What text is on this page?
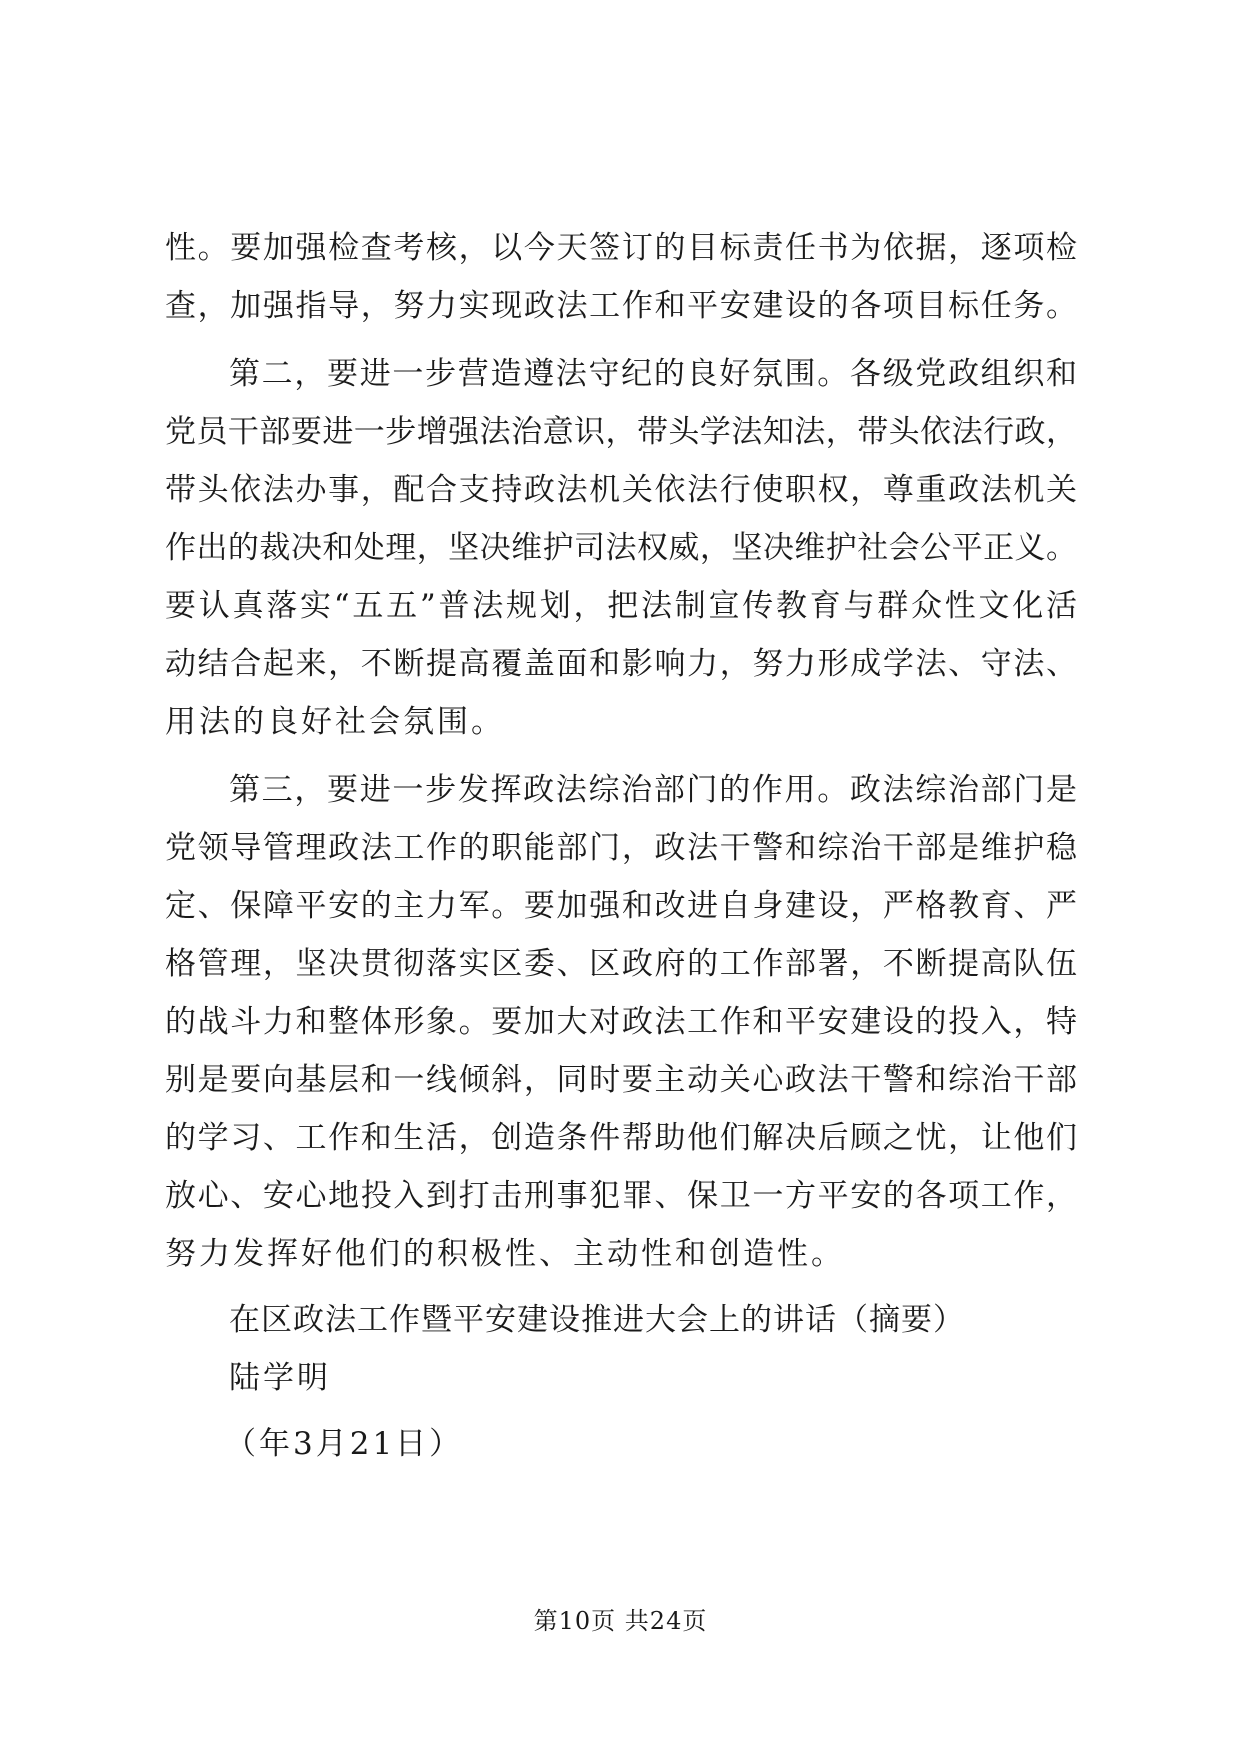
性。要加强检查考核，以今天签订的目标责任书为依据，逐项检
查，加强指导，努力实现政法工作和平安建设的各项目标任务。
第二，要进一步营造遵法守纪的良好氛围。各级党政组织和
党员干部要进一步增强法治意识，带头学法知法，带头依法行政，
带头依法办事，配合支持政法机关依法行使职权，尊重政法机关
作出的裁决和处理，坚决维护司法权威，坚决维护社会公平正义。
要认真落实“五五”普法规划，把法制宣传教育与群众性文化活
动结合起来，不断提高覆盖面和影响力，努力形成学法、守法、
用法的良好社会氛围。
第三，要进一步发挥政法综治部门的作用。政法综治部门是
党领导管理政法工作的职能部门，政法干警和综治干部是维护稳
定、保障平安的主力军。要加强和改进自身建设，严格教育、严
格管理，坚决贯彻落实区委、区政府的工作部署，不断提高队伍
的战斗力和整体形象。要加大对政法工作和平安建设的投入，特
别是要向基层和一线倾斜，同时要主动关心政法干警和综治干部
的学习、工作和生活，创造条件帮助他们解决后顾之忧，让他们
放心、安心地投入到打击刑事犯罪、保卫一方平安的各项工作，
努力发挥好他们的积极性、主动性和创造性。
在区政法工作暨平安建设推进大会上的讲话（摘要）
陆学明
（年3月21日）
第10页 共24页
